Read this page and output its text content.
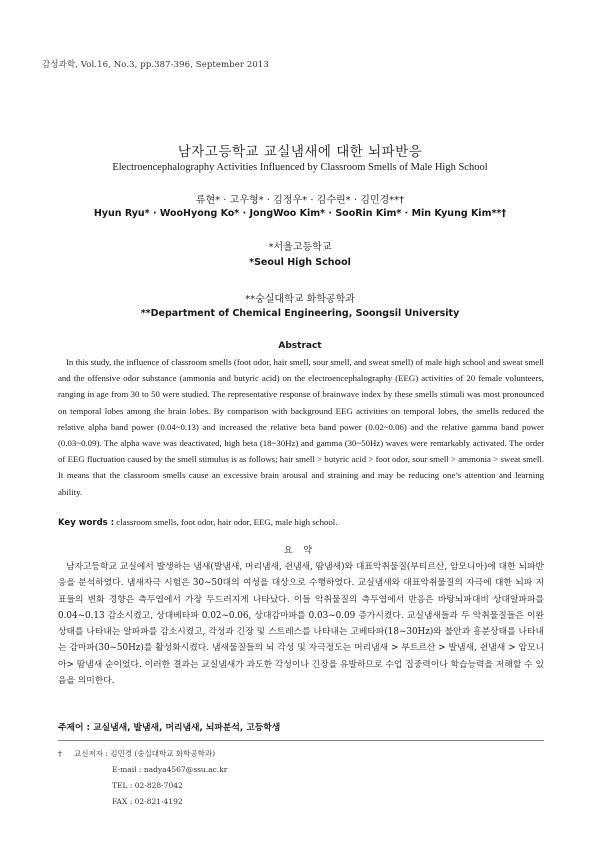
감성과학, Vol.16, No.3, pp.387-396, September 2013
남자고등학교 교실냄새에 대한 뇌파반응
Electroencephalography Activities Influenced by Classroom Smells of Male High School
류현* · 고우형* · 김정우* · 김수린* · 김민경**†
Hyun Ryu* · WooHyong Ko* · JongWoo Kim* · SooRin Kim* · Min Kyung Kim**†
*서울고등학교
*Seoul High School
**숭실대학교 화학공학과
**Department of Chemical Engineering, Soongsil University
Abstract
In this study, the influence of classroom smells (foot odor, hair smell, sour smell, and sweat smell) of male high school and sweat smell and the offensive odor substance (ammonia and butyric acid) on the electroencephalography (EEG) activities of 20 female volunteers, ranging in age from 30 to 50 were studied. The representative response of brainwave index by these smells stimuli was most pronounced on temporal lobes among the brain lobes. By comparison with background EEG activities on temporal lobes, the smells reduced the relative alpha band power (0.04~0.13) and increased the relative beta band power (0.02~0.06) and the relative gamma band power (0.03~0.09). The alpha wave was deactivated, high beta (18~30Hz) and gamma (30~50Hz) waves were remarkably activated. The order of EEG fluctuation caused by the smell stimulus is as follows; hair smell > butyric acid > foot odor, sour smell > ammonia > sweat smell. It means that the classroom smells cause an excessive brain arousal and straining and may be reducing one’s attention and learning ability.
Key words : classroom smells, foot odor, hair odor, EEG, male high school.
요 약
남자고등학교 교실에서 발생하는 냄새(발냄새, 머리냄새, 쉰냄새, 땀냄새)와 대표악취물질(부티르산, 암모니아)에 대한 뇌파반응을 분석하였다. 냄새자극 시험은 30~50대의 여성을 대상으로 수행하였다. 교실냄새와 대표악취물질의 자극에 대한 뇌파 지표들의 변화 경향은 측두엽에서 가장 두드러지게 나타났다. 이들 악취물질의 측두엽에서 반응은 바탕뇌파대비 상대알파파를 0.04~0.13 감소시켰고, 상대베타파 0.02~0.06, 상대감마파를 0.03~0.09 증가시켰다. 교실냄새들과 두 악취물질들은 이완상태를 나타내는 알파파를 감소시켰고, 각성과 긴장 및 스트레스를 나타내는 고베타파(18~30Hz)와 불안과 흥분상태를 나타내는 감마파(30~50Hz)를 활성화시켰다. 냄새물질들의 뇌 각성 및 자극정도는 머리냄새 > 부트르산 > 발냄새, 쉰냄새 > 암모니아> 땀냄새 순이었다. 이러한 결과는 교실냄새가 과도한 각성이나 긴장을 유발하므로 수업 집중력이나 학습능력을 저해할 수 있음을 의미한다.
주제어 : 교실냄새, 발냄새, 머리냄새, 뇌파분석, 고등학생
† 교신저자 : 김민경 (숭실대학교 화학공학과)
E-mail : nadya4567@ssu.ac.kr
TEL : 02-828-7042
FAX : 02-821-4192
